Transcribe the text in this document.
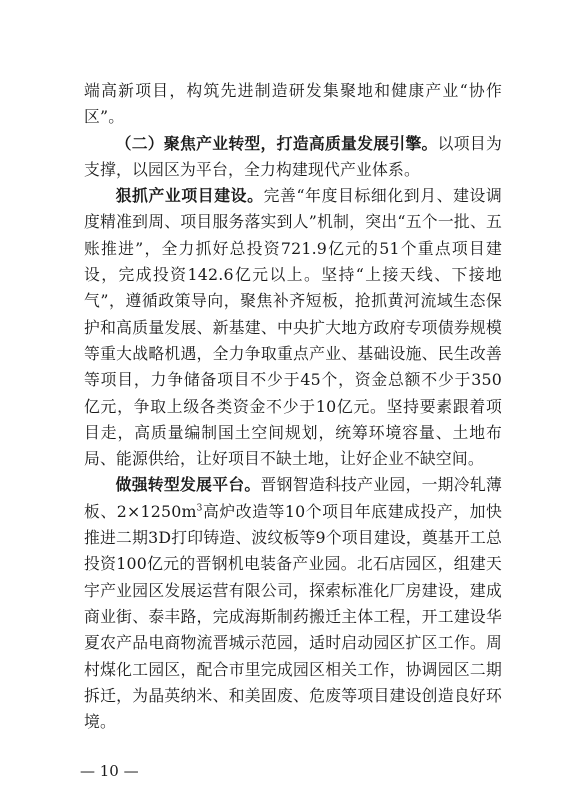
端高新项目，构筑先进制造研发集聚地和健康产业“协作区”。

（二）聚焦产业转型，打造高质量发展引擎。以项目为支撑，以园区为平台，全力构建现代产业体系。

狠抓产业项目建设。完善“年度目标细化到月、建设调度精准到周、项目服务落实到人”机制，突出“五个一批、五账推进”，全力抓好总投资721.9亿元的51个重点项目建设，完成投资142.6亿元以上。坚持“上接天线、下接地气”，遵循政策导向，聚焦补齐短板，抢抓黄河流域生态保护和高质量发展、新基建、中央扩大地方政府专项债券规模等重大战略机遇，全力争取重点产业、基础设施、民生改善等项目，力争储备项目不少于45个，资金总额不少于350亿元，争取上级各类资金不少于10亿元。坚持要素跟着项目走，高质量编制国土空间规划，统筹环境容量、土地布局、能源供给，让好项目不缺土地，让好企业不缺空间。

做强转型发展平台。晋钢智造科技产业园，一期冷轧薄板、$2\times 1250m^3$高炉改造等10个项目年底建成投产，加快推进二期3D打印铸造、波纹板等9个项目建设，奠基开工总投资100亿元的晋钢机电装备产业园。北石店园区，组建天宇产业园区发展运营有限公司，探索标准化厂房建设，建成商业街、泰丰路，完成海斯制药搬迁主体工程，开工建设华夏农产品电商物流晋城示范园，适时启动园区扩区工作。周村煤化工园区，配合市里完成园区相关工作，协调园区二期拆迁，为晶英纳米、和美固废、危废等项目建设创造良好环境。

— 10 —
